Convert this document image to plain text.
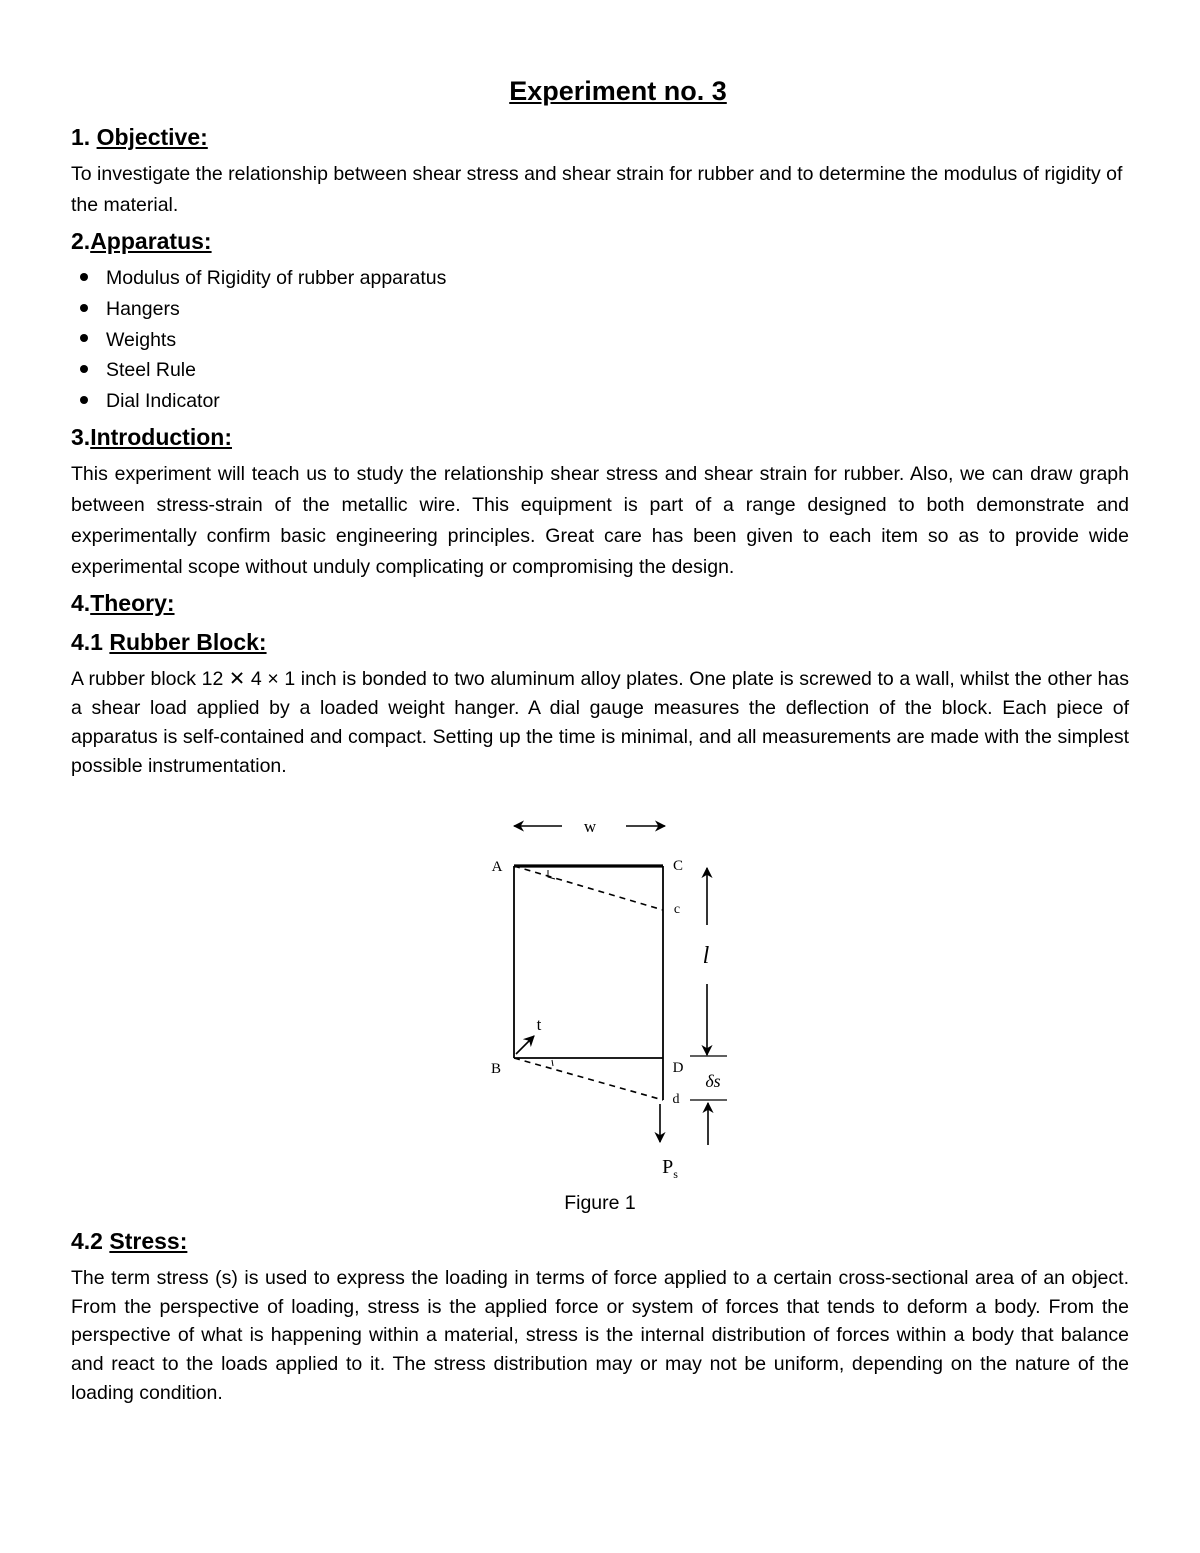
Experiment no. 3
1. Objective:

To investigate the relationship between shear stress and shear strain for rubber and to determine the modulus of rigidity of the material.

2.Apparatus:
Modulus of Rigidity of rubber apparatus
Hangers
Weights
Steel Rule
Dial Indicator
3.Introduction:

This experiment will teach us to study the relationship shear stress and shear strain for rubber. Also, we can draw graph between stress-strain of the metallic wire. This equipment is part of a range designed to both demonstrate and experimentally confirm basic engineering principles. Great care has been given to each item so as to provide wide experimental scope without unduly complicating or compromising the design.

4.Theory:
4.1 Rubber Block:

A rubber block 12 ✕ 4 × 1 inch is bonded to two aluminum alloy plates. One plate is screwed to a wall, whilst the other has a shear load applied by a loaded weight hanger. A dial gauge measures the deflection of the block. Each piece of apparatus is self-contained and compact. Setting up the time is minimal, and all measurements are made with the simplest possible instrumentation.

w
t
l
δs
A	C
c
B	D
d
$P_s$

Figure 1

4.2 Stress:

The term stress (s) is used to express the loading in terms of force applied to a certain cross-sectional area of an object. From the perspective of loading, stress is the applied force or system of forces that tends to deform a body. From the perspective of what is happening within a material, stress is the internal distribution of forces within a body that balance and react to the loads applied to it. The stress distribution may or may not be uniform, depending on the nature of the loading condition.
